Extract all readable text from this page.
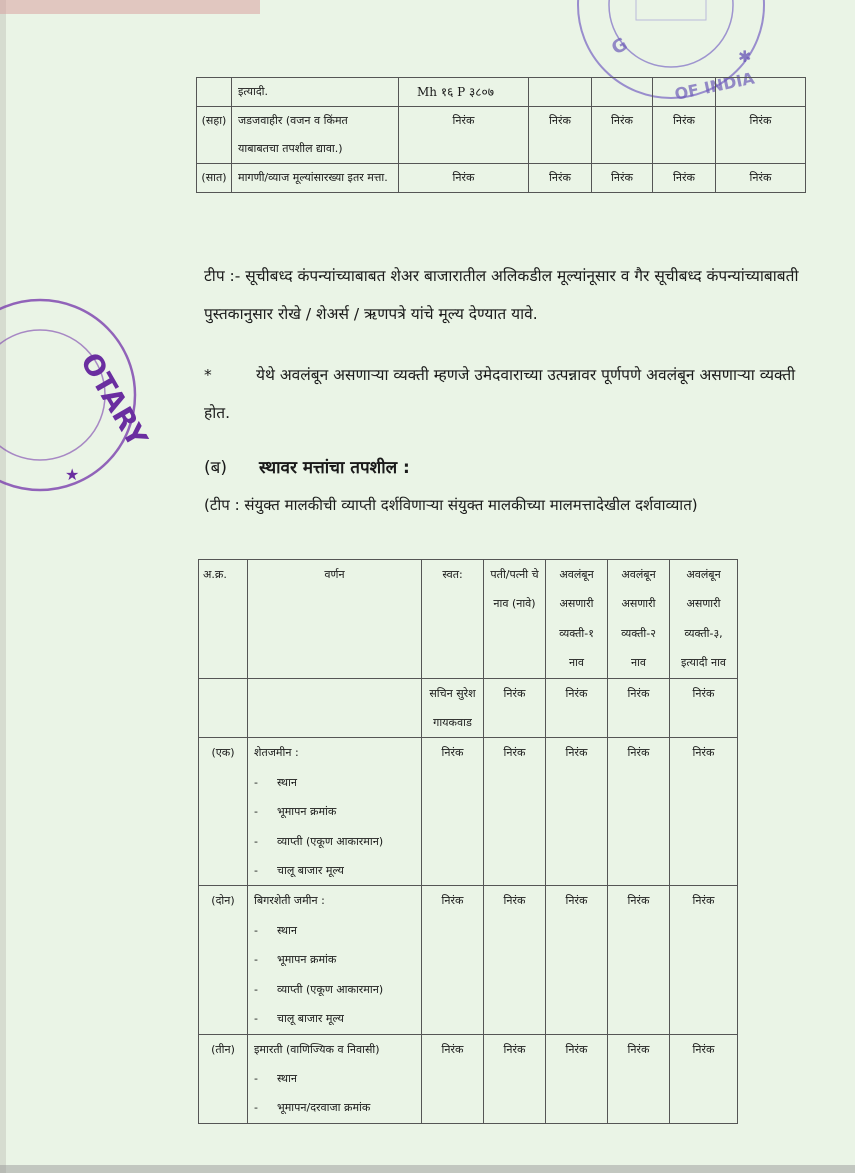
G
OF INDIA
✱
OTARY
★
	इत्यादी.	Mh १६ P ३८०७				
(सहा)	जडजवाहीर (वजन व किंमत याबाबतचा तपशील द्यावा.)	निरंक	निरंक	निरंक	निरंक	निरंक
(सात)	मागणी/व्याज मूल्यांसारख्या इतर मत्ता.	निरंक	निरंक	निरंक	निरंक	निरंक
टीप :- सूचीबध्द कंपन्यांच्याबाबत शेअर बाजारातील अलिकडील मूल्यांनूसार व गैर सूचीबध्द कंपन्यांच्याबाबती पुस्तकानुसार रोखे / शेअर्स / ऋणपत्रे यांचे मूल्य देण्यात यावे.
*	येथे अवलंबून असणाऱ्या व्यक्ती म्हणजे उमेदवाराच्या उत्पन्नावर पूर्णपणे अवलंबून असणाऱ्या व्यक्ती होत.
(ब) स्थावर मत्तांचा तपशील :
(टीप : संयुक्त मालकीची व्याप्ती दर्शविणाऱ्या संयुक्त मालकीच्या मालमत्तादेखील दर्शवाव्यात)
अ.क्र.	वर्णन	स्वत:	पती/पत्नी चे नाव (नावे)	अवलंबून असणारी व्यक्ती-१ नाव	अवलंबून असणारी व्यक्ती-२ नाव	अवलंबून असणारी व्यक्ती-३, इत्यादी नाव
		सचिन सुरेश गायकवाड	निरंक	निरंक	निरंक	निरंक
(एक)	शेतजमीन :
- स्थान
- भूमापन क्रमांक
- व्याप्ती (एकूण आकारमान)
- चालू बाजार मूल्य	निरंक	निरंक	निरंक	निरंक	निरंक
(दोन)	बिगरशेती जमीन :
- स्थान
- भूमापन क्रमांक
- व्याप्ती (एकूण आकारमान)
- चालू बाजार मूल्य	निरंक	निरंक	निरंक	निरंक	निरंक
(तीन)	इमारती (वाणिज्यिक व निवासी)
- स्थान
- भूमापन/दरवाजा क्रमांक	निरंक	निरंक	निरंक	निरंक	निरंक
